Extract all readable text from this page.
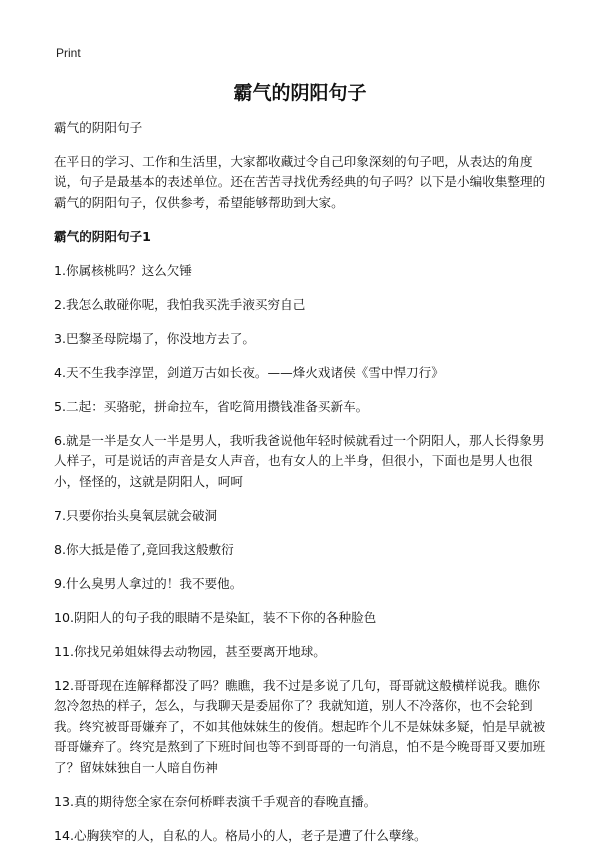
Print
霸气的阴阳句子

霸气的阴阳句子

在平日的学习、工作和生活里，大家都收藏过令自己印象深刻的句子吧，从表达的角度说，句子是最基本的表述单位。还在苦苦寻找优秀经典的句子吗？以下是小编收集整理的霸气的阴阳句子，仅供参考，希望能够帮助到大家。

霸气的阴阳句子1

1.你属核桃吗？这么欠锤

2.我怎么敢碰你呢，我怕我买洗手液买穷自己

3.巴黎圣母院塌了，你没地方去了。

4.天不生我李淳罡，剑道万古如长夜。——烽火戏诸侯《雪中悍刀行》

5.二起：买骆驼，拼命拉车，省吃简用攒钱准备买新车。

6.就是一半是女人一半是男人，我听我爸说他年轻时候就看过一个阴阳人，那人长得象男人样子，可是说话的声音是女人声音，也有女人的上半身，但很小，下面也是男人也很小，怪怪的，这就是阴阳人，呵呵

7.只要你抬头臭氧层就会破洞

8.你大抵是倦了,竟回我这般敷衍

9.什么臭男人拿过的！我不要他。

10.阴阳人的句子我的眼睛不是染缸，装不下你的各种脸色

11.你找兄弟姐妹得去动物园，甚至要离开地球。

12.哥哥现在连解释都没了吗？瞧瞧，我不过是多说了几句，哥哥就这般横样说我。瞧你忽冷忽热的样子，怎么，与我聊天是委屈你了？我就知道，别人不冷落你，也不会轮到我。终究被哥哥嫌弃了，不如其他妹妹生的俊俏。想起昨个儿不是妹妹多疑，怕是早就被哥哥嫌弃了。终究是熬到了下班时间也等不到哥哥的一句消息，怕不是今晚哥哥又要加班了？留妹妹独自一人暗自伤神

13.真的期待您全家在奈何桥畔表演千手观音的春晚直播。

14.心胸狭窄的人，自私的人。格局小的人，老子是遭了什么孽缘。
